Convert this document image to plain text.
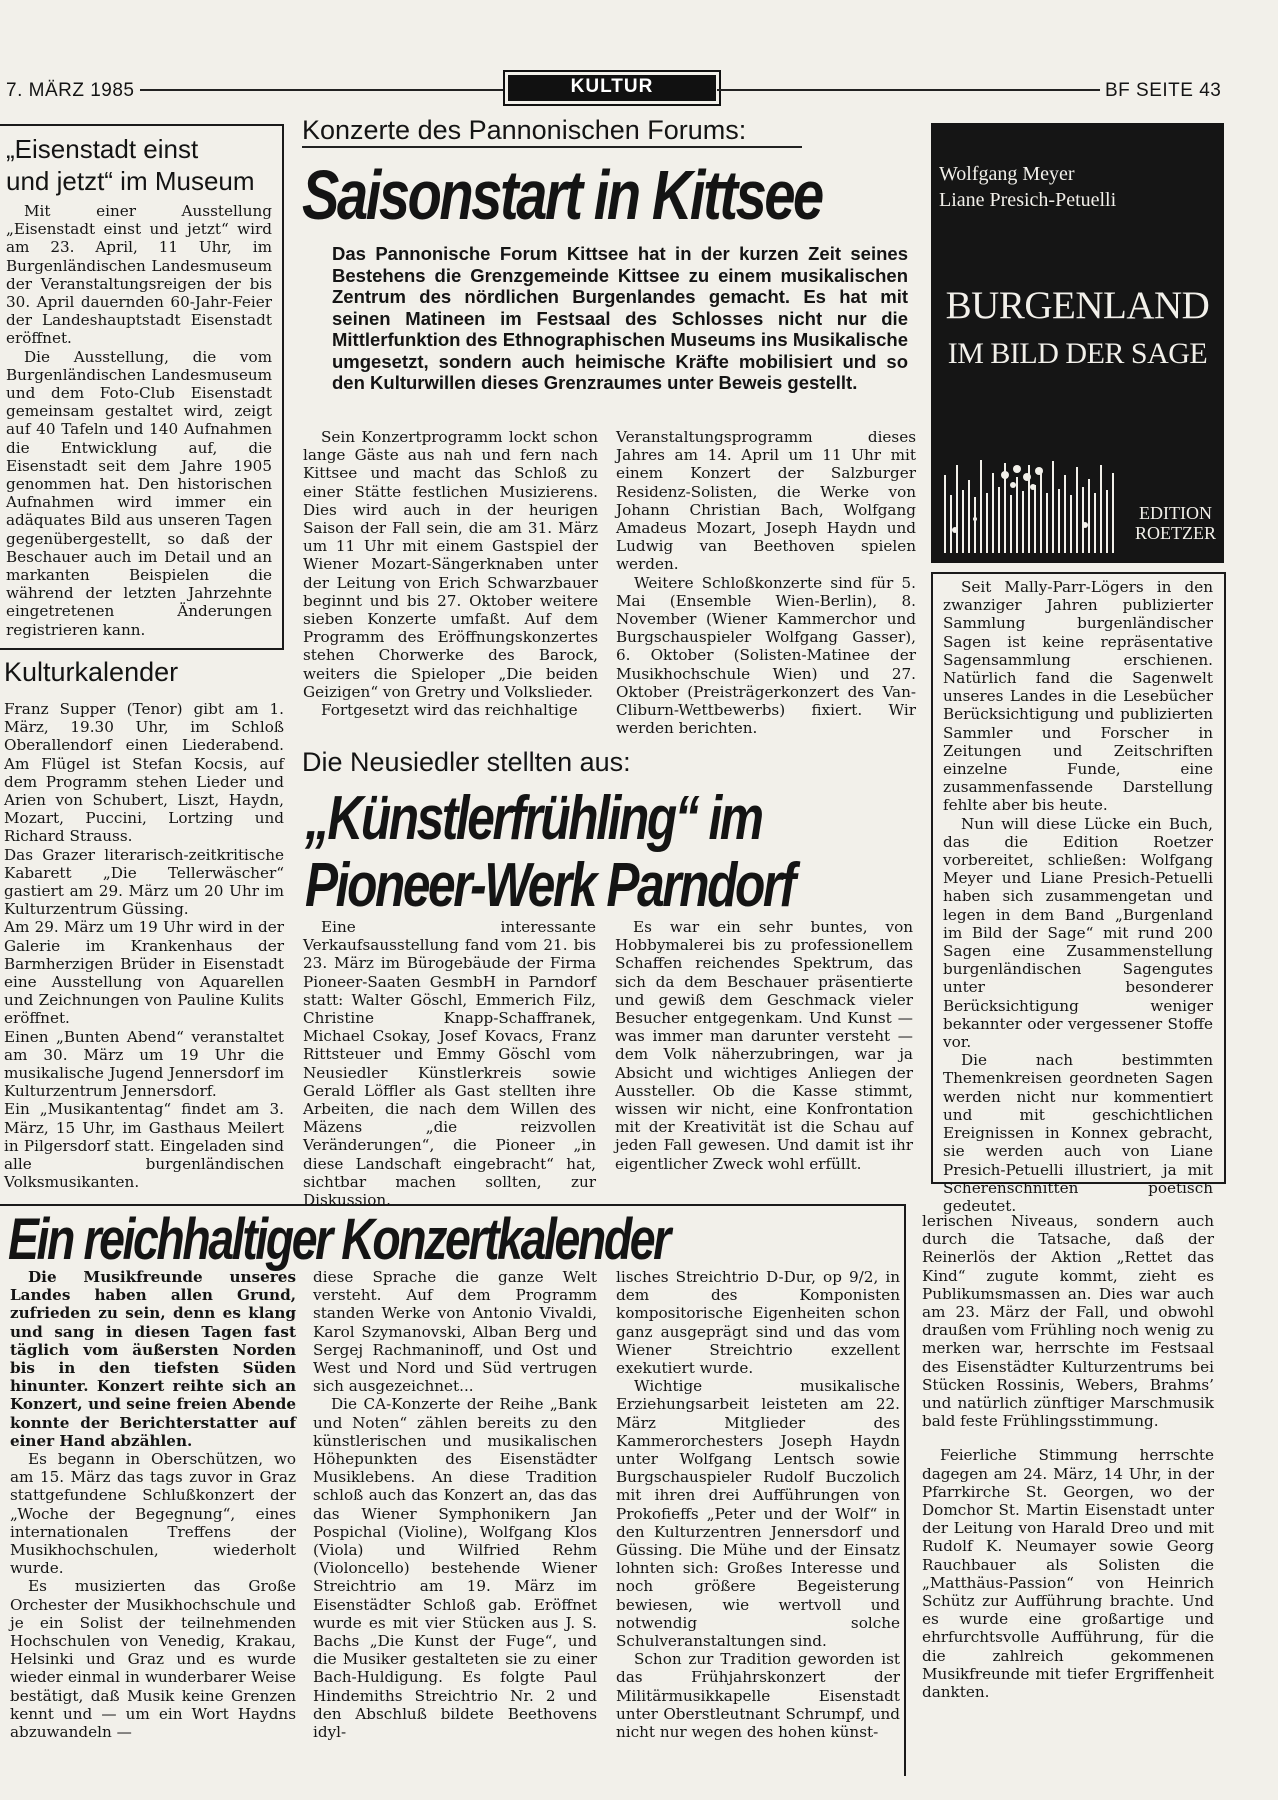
7. MÄRZ 1985	KULTUR	BF SEITE 43
„Eisenstadt einst
und jetzt“ im Museum

Mit einer Ausstellung „Eisenstadt einst und jetzt“ wird am 23. April, 11 Uhr, im Burgenländischen Landesmuseum der Veranstaltungsreigen der bis 30. April dauernden 60-Jahr-Feier der Landeshauptstadt Eisenstadt eröffnet.

Die Ausstellung, die vom Burgenländischen Landesmuseum und dem Foto-Club Eisenstadt gemeinsam gestaltet wird, zeigt auf 40 Tafeln und 140 Aufnahmen die Entwicklung auf, die Eisenstadt seit dem Jahre 1905 genommen hat. Den historischen Aufnahmen wird immer ein adäquates Bild aus unseren Tagen gegenübergestellt, so daß der Beschauer auch im Detail und an markanten Beispielen die während der letzten Jahrzehnte eingetretenen Änderungen registrieren kann.

Kulturkalender

Franz Supper (Tenor) gibt am 1. März, 19.30 Uhr, im Schloß Oberallendorf einen Liederabend. Am Flügel ist Stefan Kocsis, auf dem Programm stehen Lieder und Arien von Schubert, Liszt, Haydn, Mozart, Puccini, Lortzing und Richard Strauss.

Das Grazer literarisch-zeitkritische Kabarett „Die Tellerwäscher“ gastiert am 29. März um 20 Uhr im Kulturzentrum Güssing.

Am 29. März um 19 Uhr wird in der Galerie im Krankenhaus der Barmherzigen Brüder in Eisenstadt eine Ausstellung von Aquarellen und Zeichnungen von Pauline Kulits eröffnet.

Einen „Bunten Abend“ veranstaltet am 30. März um 19 Uhr die musikalische Jugend Jennersdorf im Kulturzentrum Jennersdorf.

Ein „Musikantentag“ findet am 3. März, 15 Uhr, im Gasthaus Meilert in Pilgersdorf statt. Eingeladen sind alle burgenländischen Volksmusikanten.

Konzerte des Pannonischen Forums:
Saisonstart in Kittsee
Das Pannonische Forum Kittsee hat in der kurzen Zeit seines Bestehens die Grenzgemeinde Kittsee zu einem musikalischen Zentrum des nördlichen Burgenlandes gemacht. Es hat mit seinen Matineen im Festsaal des Schlosses nicht nur die Mittlerfunktion des Ethnographischen Museums ins Musikalische umgesetzt, sondern auch heimische Kräfte mobilisiert und so den Kulturwillen dieses Grenzraumes unter Beweis gestellt.

Sein Konzertprogramm lockt schon lange Gäste aus nah und fern nach Kittsee und macht das Schloß zu einer Stätte festlichen Musizierens. Dies wird auch in der heurigen Saison der Fall sein, die am 31. März um 11 Uhr mit einem Gastspiel der Wiener Mozart-Sängerknaben unter der Leitung von Erich Schwarzbauer beginnt und bis 27. Oktober weitere sieben Konzerte umfaßt. Auf dem Programm des Eröffnungskonzertes stehen Chorwerke des Barock, weiters die Spieloper „Die beiden Geizigen“ von Gretry und Volkslieder.

Fortgesetzt wird das reichhaltige

Veranstaltungsprogramm dieses Jahres am 14. April um 11 Uhr mit einem Konzert der Salzburger Residenz-Solisten, die Werke von Johann Christian Bach, Wolfgang Amadeus Mozart, Joseph Haydn und Ludwig van Beethoven spielen werden.

Weitere Schloßkonzerte sind für 5. Mai (Ensemble Wien-Berlin), 8. November (Wiener Kammerchor und Burgschauspieler Wolfgang Gasser), 6. Oktober (Solisten-Matinee der Musikhochschule Wien) und 27. Oktober (Preisträgerkonzert des Van-Cliburn-Wettbewerbs) fixiert. Wir werden berichten.

Die Neusiedler stellten aus:
„Künstlerfrühling“ im
Pioneer-Werk Parndorf

Eine interessante Verkaufsausstellung fand vom 21. bis 23. März im Bürogebäude der Firma Pioneer-Saaten GesmbH in Parndorf statt: Walter Göschl, Emmerich Filz, Christine Knapp-Schaffranek, Michael Csokay, Josef Kovacs, Franz Rittsteuer und Emmy Göschl vom Neusiedler Künstlerkreis sowie Gerald Löffler als Gast stellten ihre Arbeiten, die nach dem Willen des Mäzens „die reizvollen Veränderungen“, die Pioneer „in diese Landschaft eingebracht“ hat, sichtbar machen sollten, zur Diskussion.

Es war ein sehr buntes, von Hobbymalerei bis zu professionellem Schaffen reichendes Spektrum, das sich da dem Beschauer präsentierte und gewiß dem Geschmack vieler Besucher entgegenkam. Und Kunst — was immer man darunter versteht — dem Volk näherzubringen, war ja Absicht und wichtiges Anliegen der Aussteller. Ob die Kasse stimmt, wissen wir nicht, eine Konfrontation mit der Kreativität ist die Schau auf jeden Fall gewesen. Und damit ist ihr eigentlicher Zweck wohl erfüllt.

Wolfgang Meyer
Liane Presich-Petuelli
BURGENLAND
IM BILD DER SAGE
EDITION
ROETZER

Seit Mally-Parr-Lögers in den zwanziger Jahren publizierter Sammlung burgenländischer Sagen ist keine repräsentative Sagensammlung erschienen. Natürlich fand die Sagenwelt unseres Landes in die Lesebücher Berücksichtigung und publizierten Sammler und Forscher in Zeitungen und Zeitschriften einzelne Funde, eine zusammenfassende Darstellung fehlte aber bis heute.

Nun will diese Lücke ein Buch, das die Edition Roetzer vorbereitet, schließen: Wolfgang Meyer und Liane Presich-Petuelli haben sich zusammengetan und legen in dem Band „Burgenland im Bild der Sage“ mit rund 200 Sagen eine Zusammenstellung burgenländischen Sagengutes unter besonderer Berücksichtigung weniger bekannter oder vergessener Stoffe vor.

Die nach bestimmten Themenkreisen geordneten Sagen werden nicht nur kommentiert und mit geschichtlichen Ereignissen in Konnex gebracht, sie werden auch von Liane Presich-Petuelli illustriert, ja mit Scherenschnitten poetisch gedeutet.

Ein reichhaltiger Konzertkalender

Die Musikfreunde unseres Landes haben allen Grund, zufrieden zu sein, denn es klang und sang in diesen Tagen fast täglich vom äußersten Norden bis in den tiefsten Süden hinunter. Konzert reihte sich an Konzert, und seine freien Abende konnte der Berichterstatter auf einer Hand abzählen.

Es begann in Oberschützen, wo am 15. März das tags zuvor in Graz stattgefundene Schlußkonzert der „Woche der Begegnung“, eines internationalen Treffens der Musikhochschulen, wiederholt wurde.

Es musizierten das Große Orchester der Musikhochschule und je ein Solist der teilnehmenden Hochschulen von Venedig, Krakau, Helsinki und Graz und es wurde wieder einmal in wunderbarer Weise bestätigt, daß Musik keine Grenzen kennt und — um ein Wort Haydns abzuwandeln —

diese Sprache die ganze Welt versteht. Auf dem Programm standen Werke von Antonio Vivaldi, Karol Szymanovski, Alban Berg und Sergej Rachmaninoff, und Ost und West und Nord und Süd vertrugen sich ausgezeichnet...

Die CA-Konzerte der Reihe „Bank und Noten“ zählen bereits zu den künstlerischen und musikalischen Höhepunkten des Eisenstädter Musiklebens. An diese Tradition schloß auch das Konzert an, das das das Wiener Symphonikern Jan Pospichal (Violine), Wolfgang Klos (Viola) und Wilfried Rehm (Violoncello) bestehende Wiener Streichtrio am 19. März im Eisenstädter Schloß gab. Eröffnet wurde es mit vier Stücken aus J. S. Bachs „Die Kunst der Fuge“, und die Musiker gestalteten sie zu einer Bach-Huldigung. Es folgte Paul Hindemiths Streichtrio Nr. 2 und den Abschluß bildete Beethovens idyl-

lisches Streichtrio D-Dur, op 9/2, in dem des Komponisten kompositorische Eigenheiten schon ganz ausgeprägt sind und das vom Wiener Streichtrio exzellent exekutiert wurde.

Wichtige musikalische Erziehungsarbeit leisteten am 22. März Mitglieder des Kammerorchesters Joseph Haydn unter Wolfgang Lentsch sowie Burgschauspieler Rudolf Buczolich mit ihren drei Aufführungen von Prokofieffs „Peter und der Wolf“ in den Kulturzentren Jennersdorf und Güssing. Die Mühe und der Einsatz lohnten sich: Großes Interesse und noch größere Begeisterung bewiesen, wie wertvoll und notwendig solche Schulveranstaltungen sind.

Schon zur Tradition geworden ist das Frühjahrskonzert der Militärmusikkapelle Eisenstadt unter Oberstleutnant Schrumpf, und nicht nur wegen des hohen künst-

lerischen Niveaus, sondern auch durch die Tatsache, daß der Reinerlös der Aktion „Rettet das Kind“ zugute kommt, zieht es Publikumsmassen an. Dies war auch am 23. März der Fall, und obwohl draußen vom Frühling noch wenig zu merken war, herrschte im Festsaal des Eisenstädter Kulturzentrums bei Stücken Rossinis, Webers, Brahms’ und natürlich zünftiger Marschmusik bald feste Frühlingsstimmung.

Feierliche Stimmung herrschte dagegen am 24. März, 14 Uhr, in der Pfarrkirche St. Georgen, wo der Domchor St. Martin Eisenstadt unter der Leitung von Harald Dreo und mit Rudolf K. Neumayer sowie Georg Rauchbauer als Solisten die „Matthäus-Passion“ von Heinrich Schütz zur Aufführung brachte. Und es wurde eine großartige und ehrfurchtsvolle Aufführung, für die die zahlreich gekommenen Musikfreunde mit tiefer Ergriffenheit dankten.
